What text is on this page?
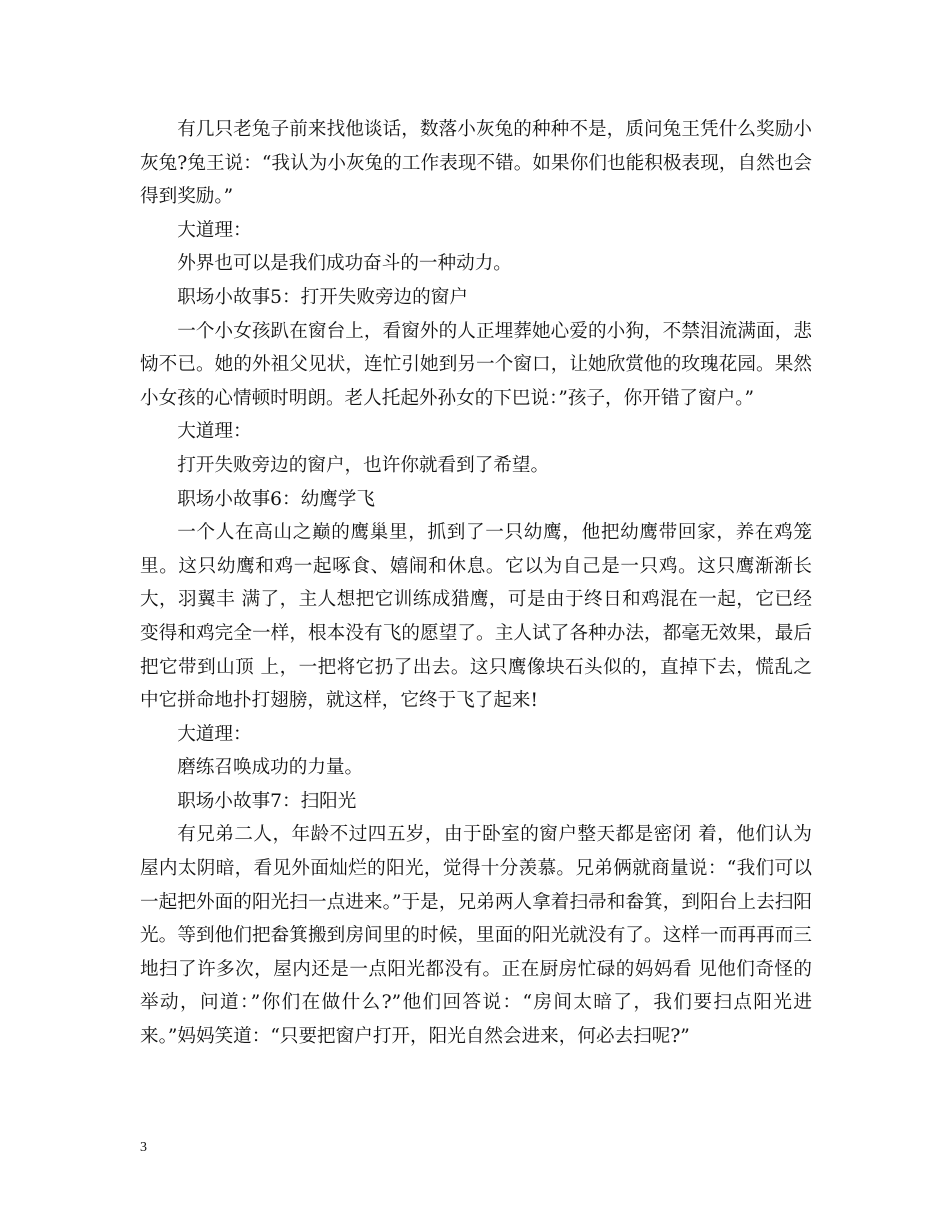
有几只老兔子前来找他谈话，数落小灰兔的种种不是，质问兔王凭什么奖励小灰兔?兔王说：“我认为小灰兔的工作表现不错。如果你们也能积极表现，自然也会得到奖励。”

大道理：

外界也可以是我们成功奋斗的一种动力。

职场小故事5：打开失败旁边的窗户

一个小女孩趴在窗台上，看窗外的人正埋葬她心爱的小狗，不禁泪流满面，悲恸不已。她的外祖父见状，连忙引她到另一个窗口，让她欣赏他的玫瑰花园。果然小女孩的心情顿时明朗。老人托起外孙女的下巴说：”孩子，你开错了窗户。”

大道理：

打开失败旁边的窗户，也许你就看到了希望。

职场小故事6：幼鹰学飞

一个人在高山之巅的鹰巢里，抓到了一只幼鹰，他把幼鹰带回家，养在鸡笼里。这只幼鹰和鸡一起啄食、嬉闹和休息。它以为自己是一只鸡。这只鹰渐渐长大，羽翼丰 满了，主人想把它训练成猎鹰，可是由于终日和鸡混在一起，它已经变得和鸡完全一样，根本没有飞的愿望了。主人试了各种办法，都毫无效果，最后把它带到山顶 上，一把将它扔了出去。这只鹰像块石头似的，直掉下去，慌乱之中它拼命地扑打翅膀，就这样，它终于飞了起来!

大道理：

磨练召唤成功的力量。

职场小故事7：扫阳光

有兄弟二人，年龄不过四五岁，由于卧室的窗户整天都是密闭 着，他们认为屋内太阴暗，看见外面灿烂的阳光，觉得十分羡慕。兄弟俩就商量说：“我们可以一起把外面的阳光扫一点进来。”于是，兄弟两人拿着扫帚和畚箕，到阳台上去扫阳光。等到他们把畚箕搬到房间里的时候，里面的阳光就没有了。这样一而再再而三地扫了许多次，屋内还是一点阳光都没有。正在厨房忙碌的妈妈看 见他们奇怪的举动，问道：”你们在做什么?”他们回答说：“房间太暗了，我们要扫点阳光进来。”妈妈笑道：“只要把窗户打开，阳光自然会进来，何必去扫呢?”

3
